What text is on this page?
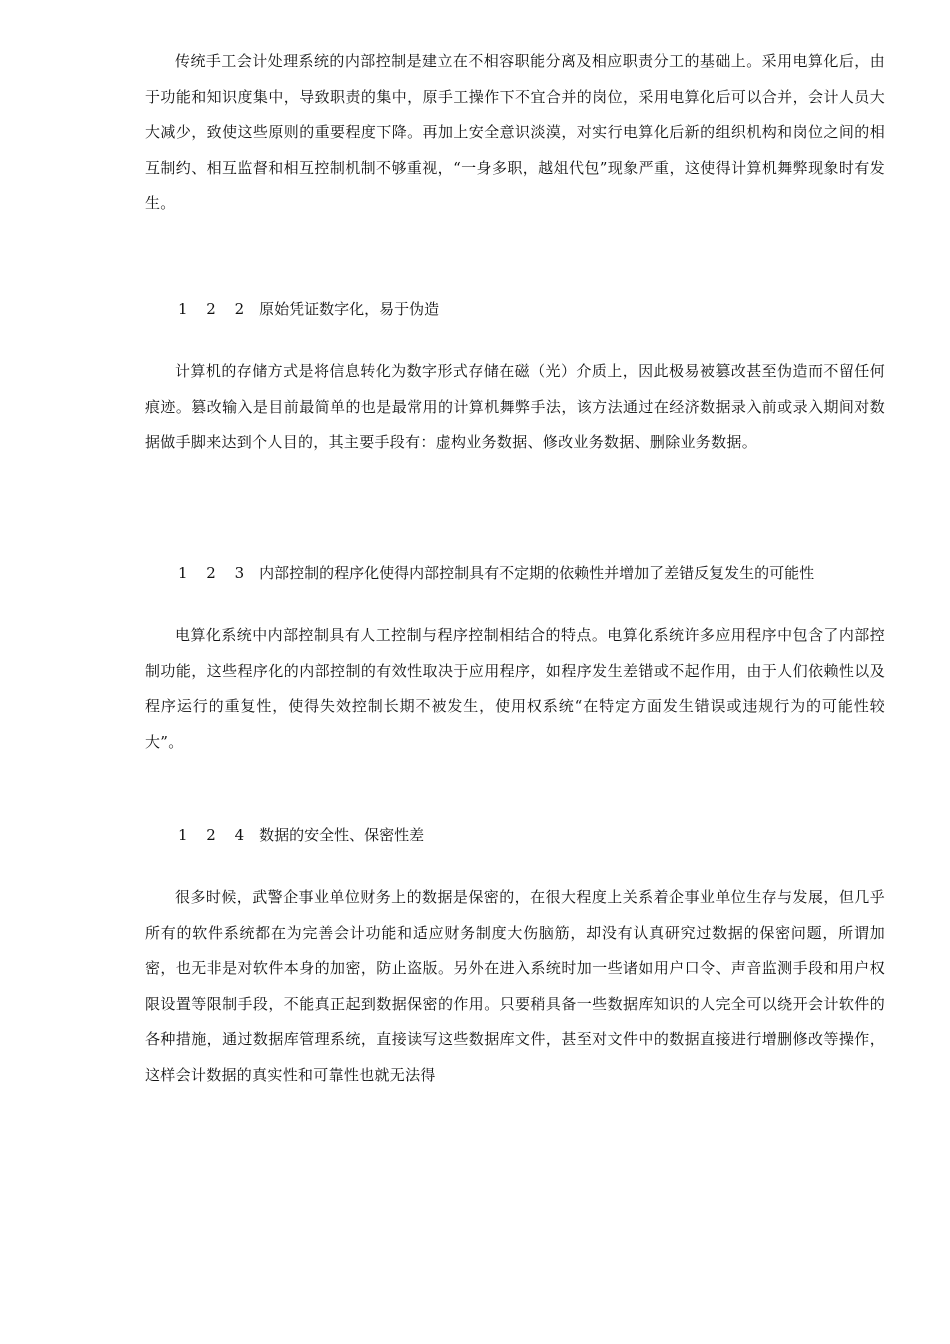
传统手工会计处理系统的内部控制是建立在不相容职能分离及相应职责分工的基础上。采用电算化后，由于功能和知识度集中，导致职责的集中，原手工操作下不宜合并的岗位，采用电算化后可以合并，会计人员大大减少，致使这些原则的重要程度下降。再加上安全意识淡漠，对实行电算化后新的组织机构和岗位之间的相互制约、相互监督和相互控制机制不够重视，“一身多职，越俎代包”现象严重，这使得计算机舞弊现象时有发生。

1 2 2 原始凭证数字化，易于伪造

计算机的存储方式是将信息转化为数字形式存储在磁（光）介质上，因此极易被篡改甚至伪造而不留任何痕迹。篡改输入是目前最简单的也是最常用的计算机舞弊手法，该方法通过在经济数据录入前或录入期间对数据做手脚来达到个人目的，其主要手段有：虚构业务数据、修改业务数据、删除业务数据。

1 2 3 内部控制的程序化使得内部控制具有不定期的依赖性并增加了差错反复发生的可能性

电算化系统中内部控制具有人工控制与程序控制相结合的特点。电算化系统许多应用程序中包含了内部控制功能，这些程序化的内部控制的有效性取决于应用程序，如程序发生差错或不起作用，由于人们依赖性以及程序运行的重复性，使得失效控制长期不被发生，使用权系统“在特定方面发生错误或违规行为的可能性较大”。

1 2 4 数据的安全性、保密性差

很多时候，武警企事业单位财务上的数据是保密的，在很大程度上关系着企事业单位生存与发展，但几乎所有的软件系统都在为完善会计功能和适应财务制度大伤脑筋，却没有认真研究过数据的保密问题，所谓加密，也无非是对软件本身的加密，防止盗版。另外在进入系统时加一些诸如用户口令、声音监测手段和用户权限设置等限制手段，不能真正起到数据保密的作用。只要稍具备一些数据库知识的人完全可以绕开会计软件的各种措施，通过数据库管理系统，直接读写这些数据库文件，甚至对文件中的数据直接进行增删修改等操作，这样会计数据的真实性和可靠性也就无法得
